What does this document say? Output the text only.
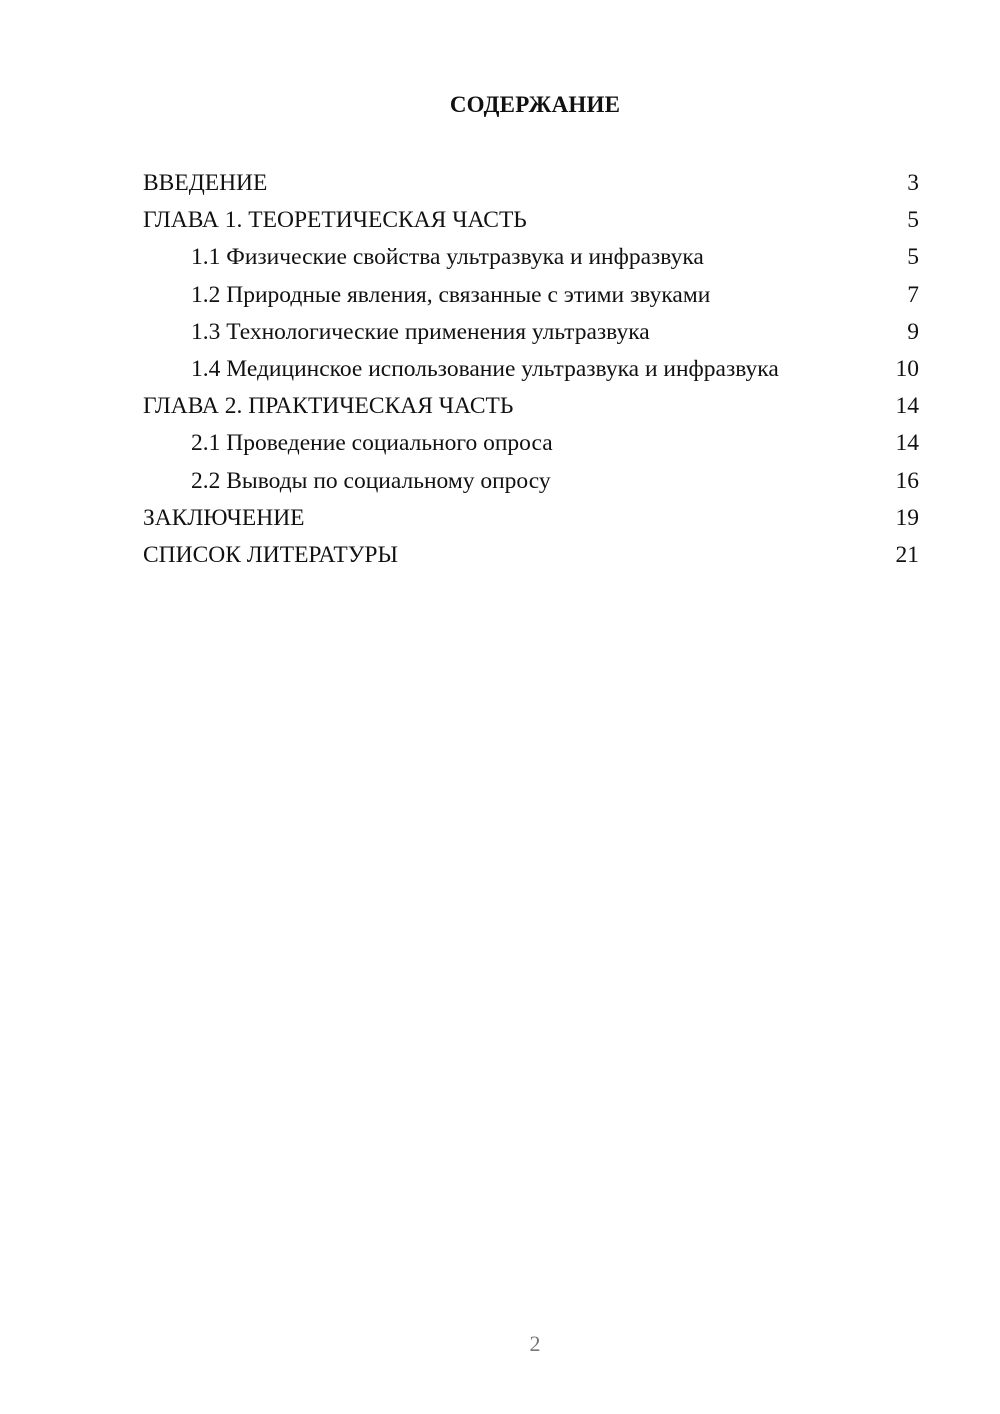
СОДЕРЖАНИЕ
ВВЕДЕНИЕ	3
ГЛАВА 1. ТЕОРЕТИЧЕСКАЯ ЧАСТЬ	5
1.1 Физические свойства ультразвука и инфразвука	5
1.2 Природные явления, связанные с этими звуками	7
1.3 Технологические применения ультразвука	9
1.4 Медицинское использование ультразвука и инфразвука	10
ГЛАВА 2. ПРАКТИЧЕСКАЯ ЧАСТЬ	14
2.1 Проведение социального опроса	14
2.2 Выводы по социальному опросу	16
ЗАКЛЮЧЕНИЕ	19
СПИСОК ЛИТЕРАТУРЫ	21
2
